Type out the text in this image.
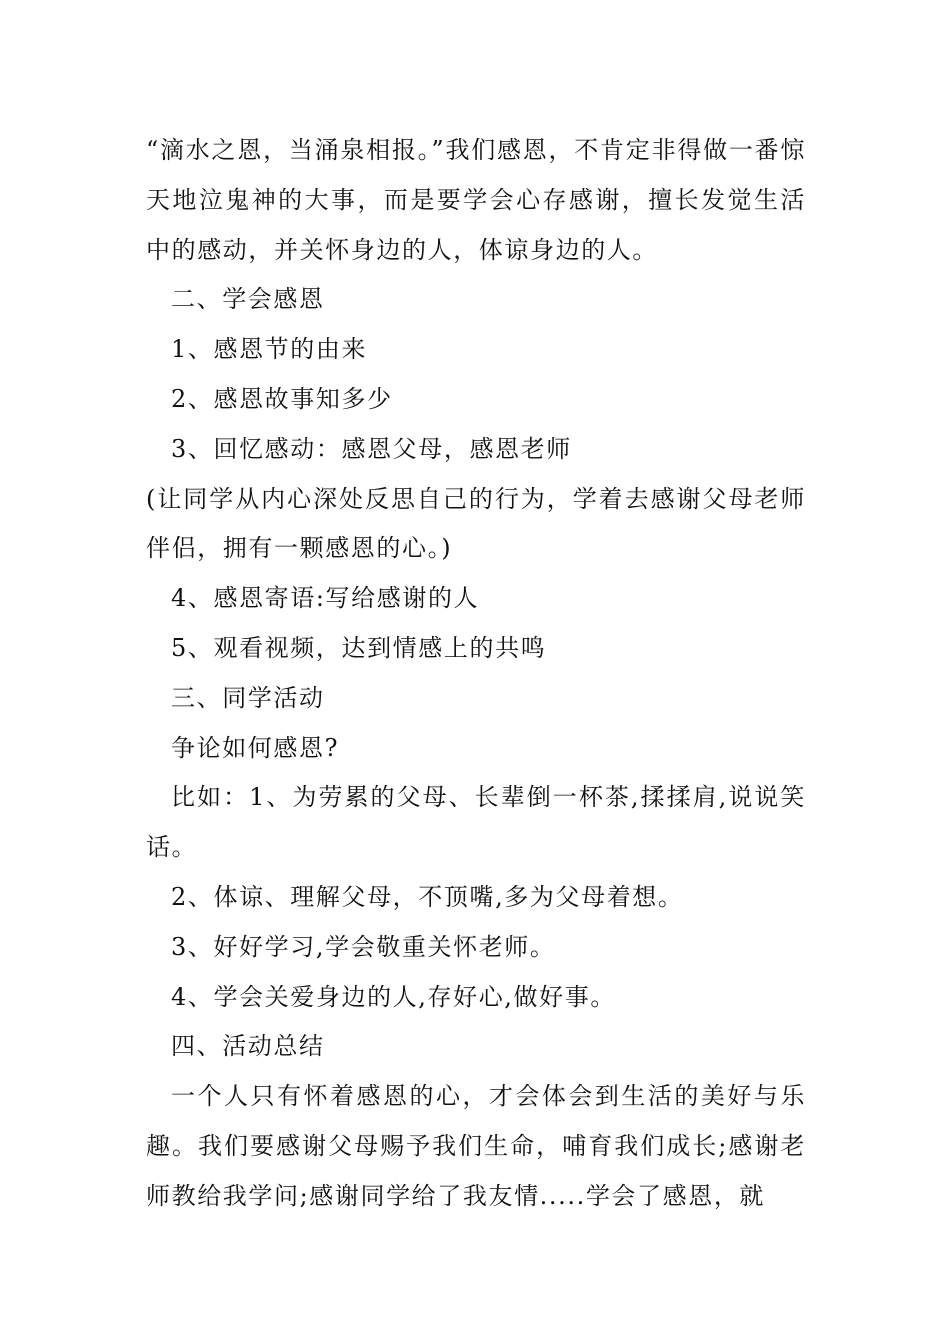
“滴水之恩，当涌泉相报。”我们感恩，不肯定非得做一番惊天地泣鬼神的大事，而是要学会心存感谢，擅长发觉生活中的感动，并关怀身边的人，体谅身边的人。

二、学会感恩

1、感恩节的由来

2、感恩故事知多少

3、回忆感动：感恩父母，感恩老师

(让同学从内心深处反思自己的行为，学着去感谢父母老师伴侣，拥有一颗感恩的心。)

4、感恩寄语:写给感谢的人

5、观看视频，达到情感上的共鸣

三、同学活动

争论如何感恩?

比如：1、为劳累的父母、长辈倒一杯茶,揉揉肩,说说笑话。

2、体谅、理解父母，不顶嘴,多为父母着想。

3、好好学习,学会敬重关怀老师。

4、学会关爱身边的人,存好心,做好事。

四、活动总结

一个人只有怀着感恩的心，才会体会到生活的美好与乐趣。我们要感谢父母赐予我们生命，哺育我们成长;感谢老师教给我学问;感谢同学给了我友情.....学会了感恩，就
